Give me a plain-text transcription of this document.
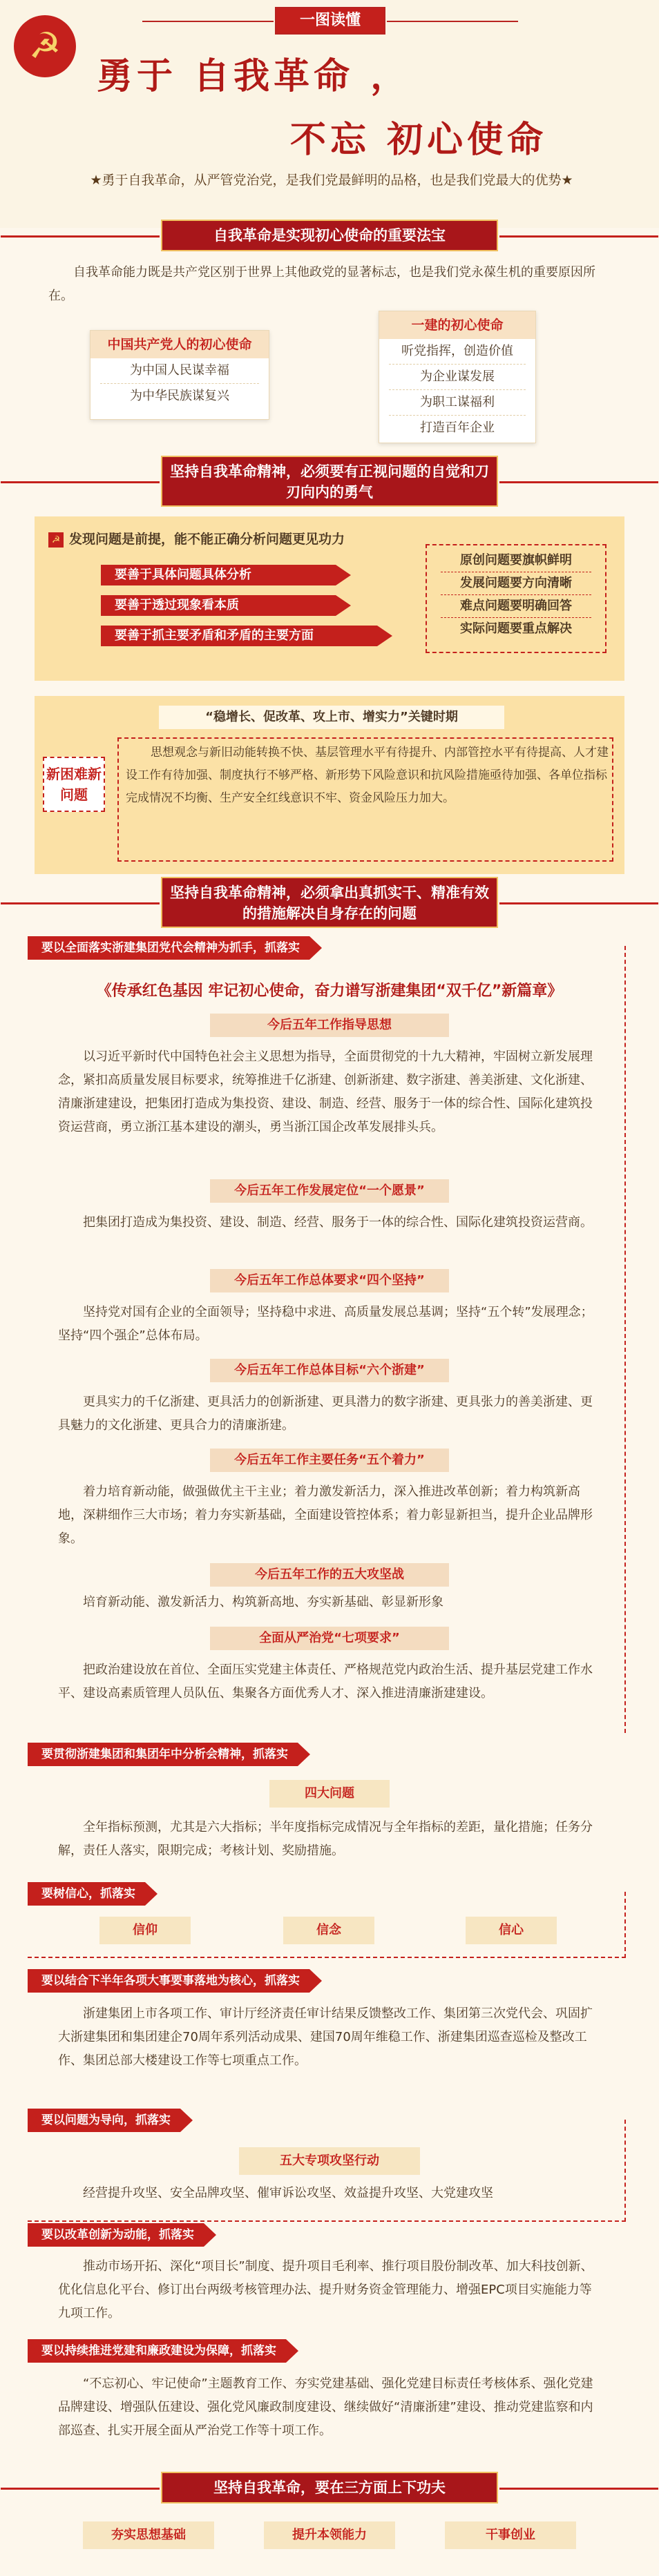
☭
一图读懂
勇于 自我革命 ，
不忘 初心使命
★勇于自我革命，从严管党治党，是我们党最鲜明的品格，也是我们党最大的优势★
自我革命是实现初心使命的重要法宝

自我革命能力既是共产党区别于世界上其他政党的显著标志，也是我们党永葆生机的重要原因所在。

中国共产党人的初心使命
为中国人民谋幸福
为中华民族谋复兴
一建的初心使命
听党指挥，创造价值
为企业谋发展
为职工谋福利
打造百年企业
坚持自我革命精神，必须要有正视问题的自觉和刀刃向内的勇气
☭ 发现问题是前提，能不能正确分析问题更见功力
要善于具体问题具体分析
要善于透过现象看本质
要善于抓主要矛盾和矛盾的主要方面
原创问题要旗帜鲜明
发展问题要方向清晰
难点问题要明确回答
实际问题要重点解决
“稳增长、促改革、攻上市、增实力”关键时期
新困难新问题

思想观念与新旧动能转换不快、基层管理水平有待提升、内部管控水平有待提高、人才建设工作有待加强、制度执行不够严格、新形势下风险意识和抗风险措施亟待加强、各单位指标完成情况不均衡、生产安全红线意识不牢、资金风险压力加大。

坚持自我革命精神，必须拿出真抓实干、精准有效的措施解决自身存在的问题
要以全面落实浙建集团党代会精神为抓手，抓落实
《传承红色基因 牢记初心使命，奋力谱写浙建集团“双千亿”新篇章》
今后五年工作指导思想

以习近平新时代中国特色社会主义思想为指导，全面贯彻党的十九大精神，牢固树立新发展理念，紧扣高质量发展目标要求，统筹推进千亿浙建、创新浙建、数字浙建、善美浙建、文化浙建、清廉浙建建设，把集团打造成为集投资、建设、制造、经营、服务于一体的综合性、国际化建筑投资运营商，勇立浙江基本建设的潮头，勇当浙江国企改革发展排头兵。

今后五年工作发展定位“一个愿景”

把集团打造成为集投资、建设、制造、经营、服务于一体的综合性、国际化建筑投资运营商。

今后五年工作总体要求“四个坚持”

坚持党对国有企业的全面领导；坚持稳中求进、高质量发展总基调；坚持“五个转”发展理念；坚持“四个强企”总体布局。

今后五年工作总体目标“六个浙建”

更具实力的千亿浙建、更具活力的创新浙建、更具潜力的数字浙建、更具张力的善美浙建、更具魅力的文化浙建、更具合力的清廉浙建。

今后五年工作主要任务“五个着力”

着力培育新动能，做强做优主干主业；着力激发新活力，深入推进改革创新；着力构筑新高地，深耕细作三大市场；着力夯实新基础，全面建设管控体系；着力彰显新担当，提升企业品牌形象。

今后五年工作的五大攻坚战

培育新动能、激发新活力、构筑新高地、夯实新基础、彰显新形象

全面从严治党“七项要求”

把政治建设放在首位、全面压实党建主体责任、严格规范党内政治生活、提升基层党建工作水平、建设高素质管理人员队伍、集聚各方面优秀人才、深入推进清廉浙建建设。

要贯彻浙建集团和集团年中分析会精神，抓落实
四大问题

全年指标预测，尤其是六大指标；半年度指标完成情况与全年指标的差距，量化措施；任务分解，责任人落实，限期完成；考核计划、奖励措施。

要树信心，抓落实
信仰	信念	信心
要以结合下半年各项大事要事落地为核心，抓落实

浙建集团上市各项工作、审计厅经济责任审计结果反馈整改工作、集团第三次党代会、巩固扩大浙建集团和集团建企70周年系列活动成果、建国70周年维稳工作、浙建集团巡查巡检及整改工作、集团总部大楼建设工作等七项重点工作。

要以问题为导向，抓落实
五大专项攻坚行动

经营提升攻坚、安全品牌攻坚、催审诉讼攻坚、效益提升攻坚、大党建攻坚

要以改革创新为动能，抓落实

推动市场开拓、深化“项目长”制度、提升项目毛利率、推行项目股份制改革、加大科技创新、优化信息化平台、修订出台两级考核管理办法、提升财务资金管理能力、增强EPC项目实施能力等九项工作。

要以持续推进党建和廉政建设为保障，抓落实

“不忘初心、牢记使命”主题教育工作、夯实党建基础、强化党建目标责任考核体系、强化党建品牌建设、增强队伍建设、强化党风廉政制度建设、继续做好“清廉浙建”建设、推动党建监察和内部巡查、扎实开展全面从严治党工作等十项工作。

坚持自我革命，要在三方面上下功夫
夯实思想基础	提升本领能力	干事创业
